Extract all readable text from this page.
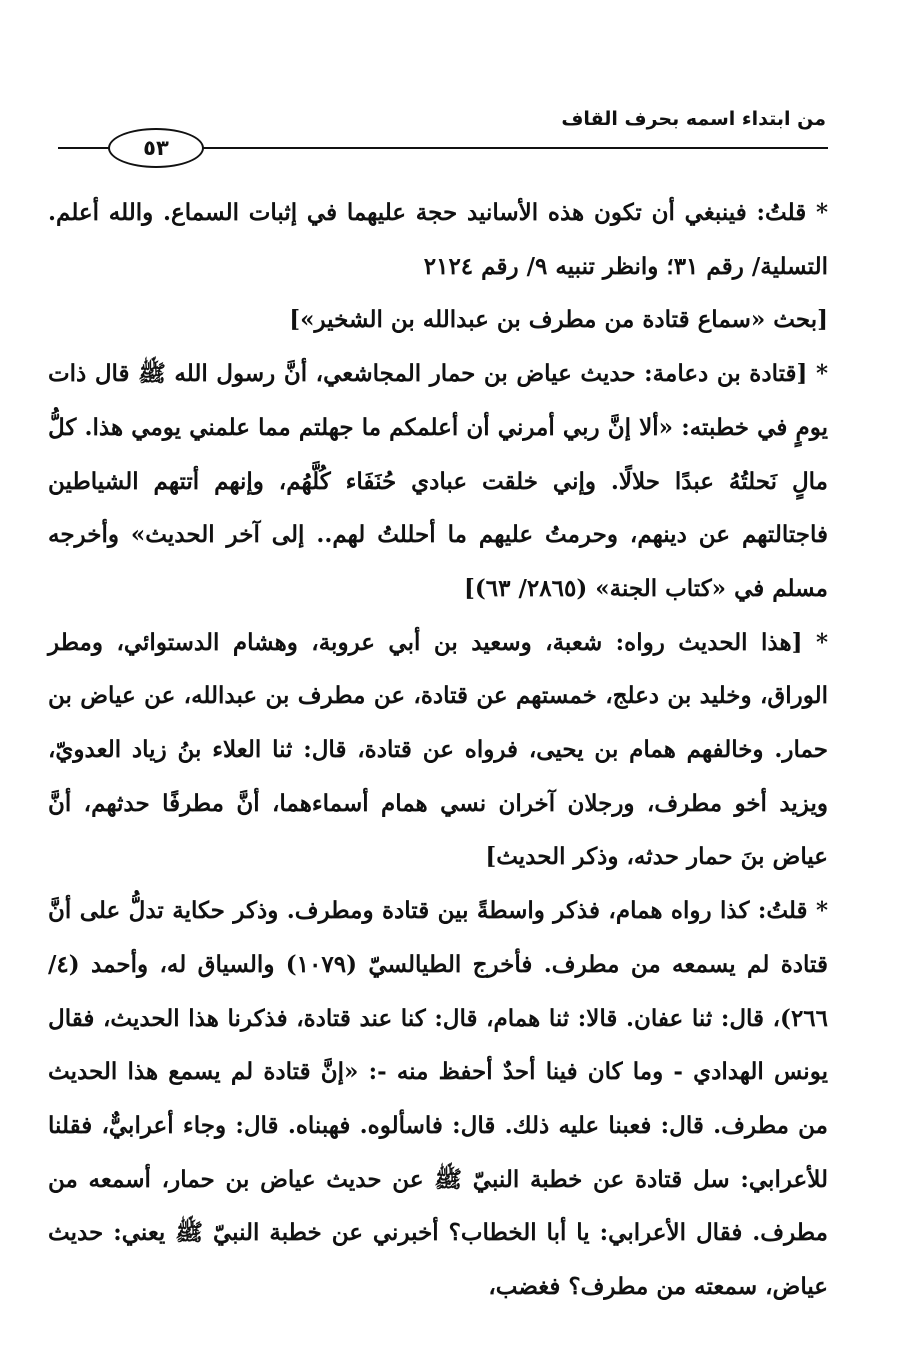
من ابتداء اسمه بحرف القاف
٥٣

* قلتُ: فينبغي أن تكون هذه الأسانيد حجة عليهما في إثبات السماع. والله أعلم. التسلية/ رقم ٣١؛ وانظر تنبيه ٩/ رقم ٢١٢٤

[بحث «سماع قتادة من مطرف بن عبدالله بن الشخير»]

* [قتادة بن دعامة: حديث عياض بن حمار المجاشعي، أنَّ رسول الله ﷺ قال ذات يومٍ في خطبته: «ألا إنَّ ربي أمرني أن أعلمكم ما جهلتم مما علمني يومي هذا. كلُّ مالٍ نَحلتُهُ عبدًا حلالًا. وإني خلقت عبادي حُنَفَاء كُلَّهُم، وإنهم أتتهم الشياطين فاجتالتهم عن دينهم، وحرمتُ عليهم ما أحللتُ لهم.. إلى آخر الحديث» وأخرجه مسلم في «كتاب الجنة» (٢٨٦٥/ ٦٣)]

* [هذا الحديث رواه: شعبة، وسعيد بن أبي عروبة، وهشام الدستوائي، ومطر الوراق، وخليد بن دعلج، خمستهم عن قتادة، عن مطرف بن عبدالله، عن عياض بن حمار. وخالفهم همام بن يحيى، فرواه عن قتادة، قال: ثنا العلاء بنُ زياد العدويّ، ويزيد أخو مطرف، ورجلان آخران نسي همام أسماءهما، أنَّ مطرفًا حدثهم، أنَّ عياض بنَ حمار حدثه، وذكر الحديث]

* قلتُ: كذا رواه همام، فذكر واسطةً بين قتادة ومطرف. وذكر حكاية تدلُّ على أنَّ قتادة لم يسمعه من مطرف. فأخرج الطيالسيّ (١٠٧٩) والسياق له، وأحمد (٤/ ٢٦٦)، قال: ثنا عفان. قالا: ثنا همام، قال: كنا عند قتادة، فذكرنا هذا الحديث، فقال يونس الهدادي - وما كان فينا أحدٌ أحفظ منه -: «إنَّ قتادة لم يسمع هذا الحديث من مطرف. قال: فعبنا عليه ذلك. قال: فاسألوه. فهبناه. قال: وجاء أعرابيٌّ، فقلنا للأعرابي: سل قتادة عن خطبة النبيّ ﷺ عن حديث عياض بن حمار، أسمعه من مطرف. فقال الأعرابي: يا أبا الخطاب؟ أخبرني عن خطبة النبيّ ﷺ يعني: حديث عياض، سمعته من مطرف؟ فغضب،
